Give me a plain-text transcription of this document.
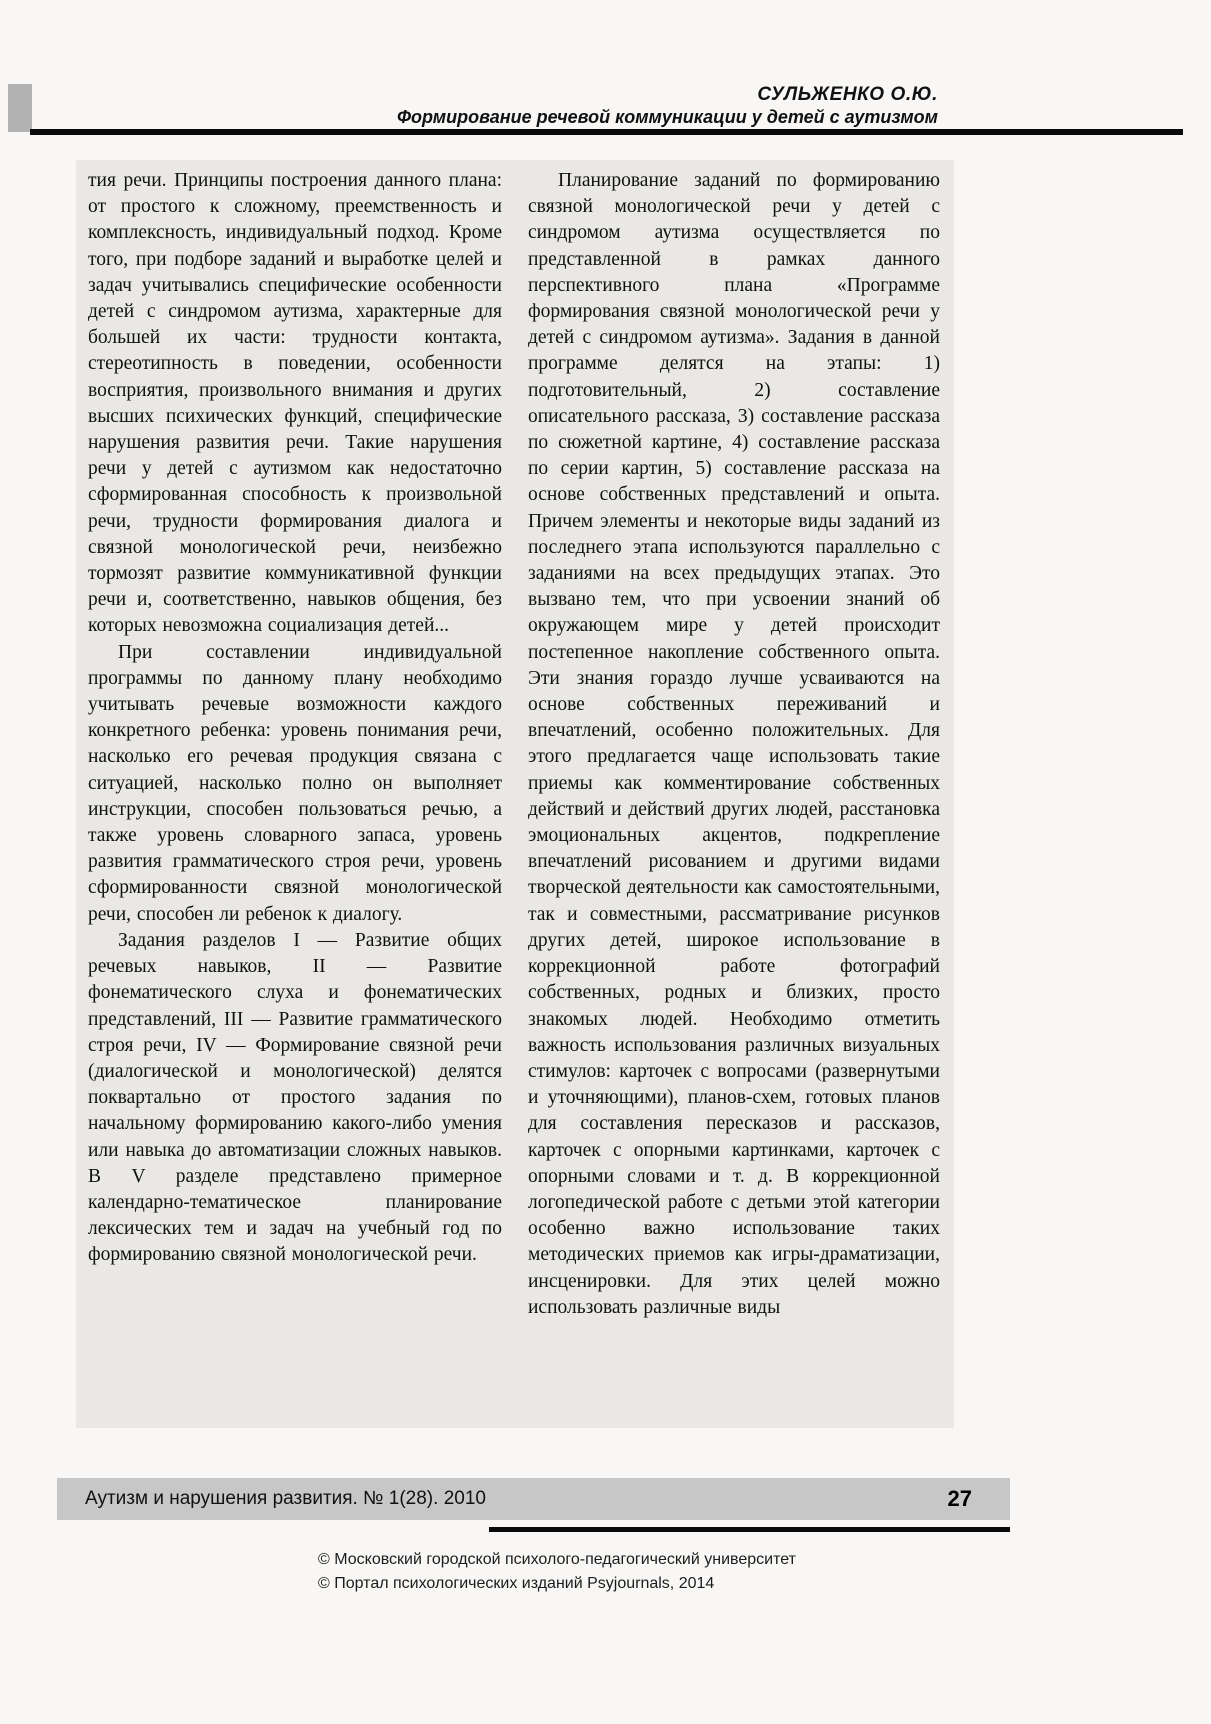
СУЛЬЖЕНКО О.Ю.
Формирование речевой коммуникации у детей с аутизмом

тия речи. Принципы построения данного плана: от простого к сложному, преемственность и комплексность, индивидуальный подход. Кроме того, при подборе заданий и выработке целей и задач учитывались специфические особенности детей с синдромом аутизма, характерные для большей их части: трудности контакта, стереотипность в поведении, особенности восприятия, произвольного внимания и других высших психических функций, специфические нарушения развития речи. Такие нарушения речи у детей с аутизмом как недостаточно сформированная способность к произвольной речи, трудности формирования диалога и связной монологической речи, неизбежно тормозят развитие коммуникативной функции речи и, соответственно, навыков общения, без которых невозможна социализация детей...

При составлении индивидуальной программы по данному плану необходимо учитывать речевые возможности каждого конкретного ребенка: уровень понимания речи, насколько его речевая продукция связана с ситуацией, насколько полно он выполняет инструкции, способен пользоваться речью, а также уровень словарного запаса, уровень развития грамматического строя речи, уровень сформированности связной монологической речи, способен ли ребенок к диалогу.

Задания разделов I — Развитие общих речевых навыков, II — Развитие фонематического слуха и фонематических представлений, III — Развитие грамматического строя речи, IV — Формирование связной речи (диалогической и монологической) делятся поквартально от простого задания по начальному формированию какого-либо умения или навыка до автоматизации сложных навыков. В V разделе представлено примерное календарно-тематическое планирование лексических тем и задач на учебный год по формированию связной монологической речи.

Планирование заданий по формированию связной монологической речи у детей с синдромом аутизма осуществляется по представленной в рамках данного перспективного плана «Программе формирования связной монологической речи у детей с синдромом аутизма». Задания в данной программе делятся на этапы: 1) подготовительный, 2) составление описательного рассказа, 3) составление рассказа по сюжетной картине, 4) составление рассказа по серии картин, 5) составление рассказа на основе собственных представлений и опыта. Причем элементы и некоторые виды заданий из последнего этапа используются параллельно с заданиями на всех предыдущих этапах. Это вызвано тем, что при усвоении знаний об окружающем мире у детей происходит постепенное накопление собственного опыта. Эти знания гораздо лучше усваиваются на основе собственных переживаний и впечатлений, особенно положительных. Для этого предлагается чаще использовать такие приемы как комментирование собственных действий и действий других людей, расстановка эмоциональных акцентов, подкрепление впечатлений рисованием и другими видами творческой деятельности как самостоятельными, так и совместными, рассматривание рисунков других детей, широкое использование в коррекционной работе фотографий собственных, родных и близких, просто знакомых людей. Необходимо отметить важность использования различных визуальных стимулов: карточек с вопросами (развернутыми и уточняющими), планов-схем, готовых планов для составления пересказов и рассказов, карточек с опорными картинками, карточек с опорными словами и т. д. В коррекционной логопедической работе с детьми этой категории особенно важно использование таких методических приемов как игры-драматизации, инсценировки. Для этих целей можно использовать различные виды

Аутизм и нарушения развития. № 1(28). 2010	27
© Московский городской психолого-педагогический университет
© Портал психологических изданий Psyjournals, 2014
